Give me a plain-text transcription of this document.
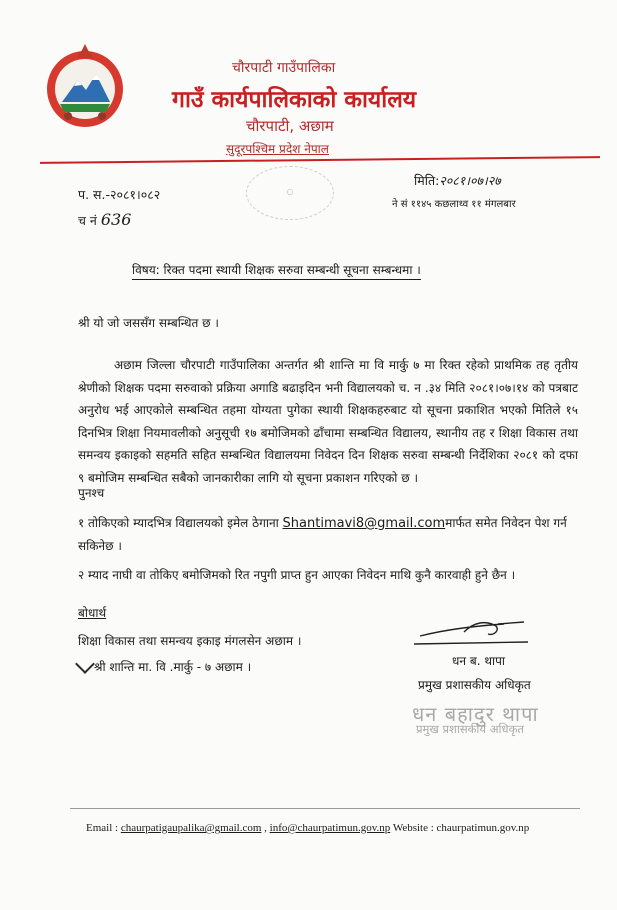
चौरपाटी गाउँपालिका
गाउँ कार्यपालिकाको कार्यालय
चौरपाटी, अछाम
सुदूरपश्चिम प्रदेश नेपाल
○
प. स.-२०८१।०८२
च नं 636
मिति:२०८१।०७।२७
ने सं ११४५ कछलाथ्व ११ मंगलबार
विषय: रिक्त पदमा स्थायी शिक्षक सरुवा सम्बन्धी सूचना सम्बन्धमा ।
श्री यो जो जससँग सम्बन्धित छ ।
अछाम जिल्ला चौरपाटी गाउँपालिका अन्तर्गत श्री शान्ति मा वि मार्कु ७ मा रिक्त रहेको प्राथमिक तह तृतीय श्रेणीको शिक्षक पदमा सरुवाको प्रक्रिया अगाडि बढाइदिन भनी विद्यालयको च. न .३४ मिति २०८१।०७।१४ को पत्रबाट अनुरोध भई आएकोले सम्बन्धित तहमा योग्यता पुगेका स्थायी शिक्षकहरुबाट यो सूचना प्रकाशित भएको मितिले १५ दिनभित्र शिक्षा नियमावलीको अनुसूची १७ बमोजिमको ढाँचामा सम्बन्धित विद्यालय, स्थानीय तह र शिक्षा विकास तथा समन्वय इकाइको सहमति सहित सम्बन्धित विद्यालयमा निवेदन दिन शिक्षक सरुवा सम्बन्धी निर्देशिका २०८१ को दफा ९ बमोजिम सम्बन्धित सबैको जानकारीका लागि यो सूचना प्रकाशन गरिएको छ ।
पुनश्च
१ तोकिएको म्यादभित्र विद्यालयको इमेल ठेगाना Shantimavi8@gmail.comमार्फत समेत निवेदन पेश गर्न सकिनेछ ।
२ म्याद नाघी वा तोकिए बमोजिमको रित नपुगी प्राप्त हुन आएका निवेदन माथि कुनै कारवाही हुने छैन ।
बोधार्थ
शिक्षा विकास तथा समन्वय इकाइ मंगलसेन अछाम ।
श्री शान्ति मा. वि .मार्कु - ७ अछाम ।	धन ब. थापा
प्रमुख प्रशासकीय अधिकृत
धन बहादुर थापा
प्रमुख प्रशासकीय अधिकृत
Email : chaurpatigaupalika@gmail.com , info@chaurpatimun.gov.np Website : chaurpatimun.gov.np
